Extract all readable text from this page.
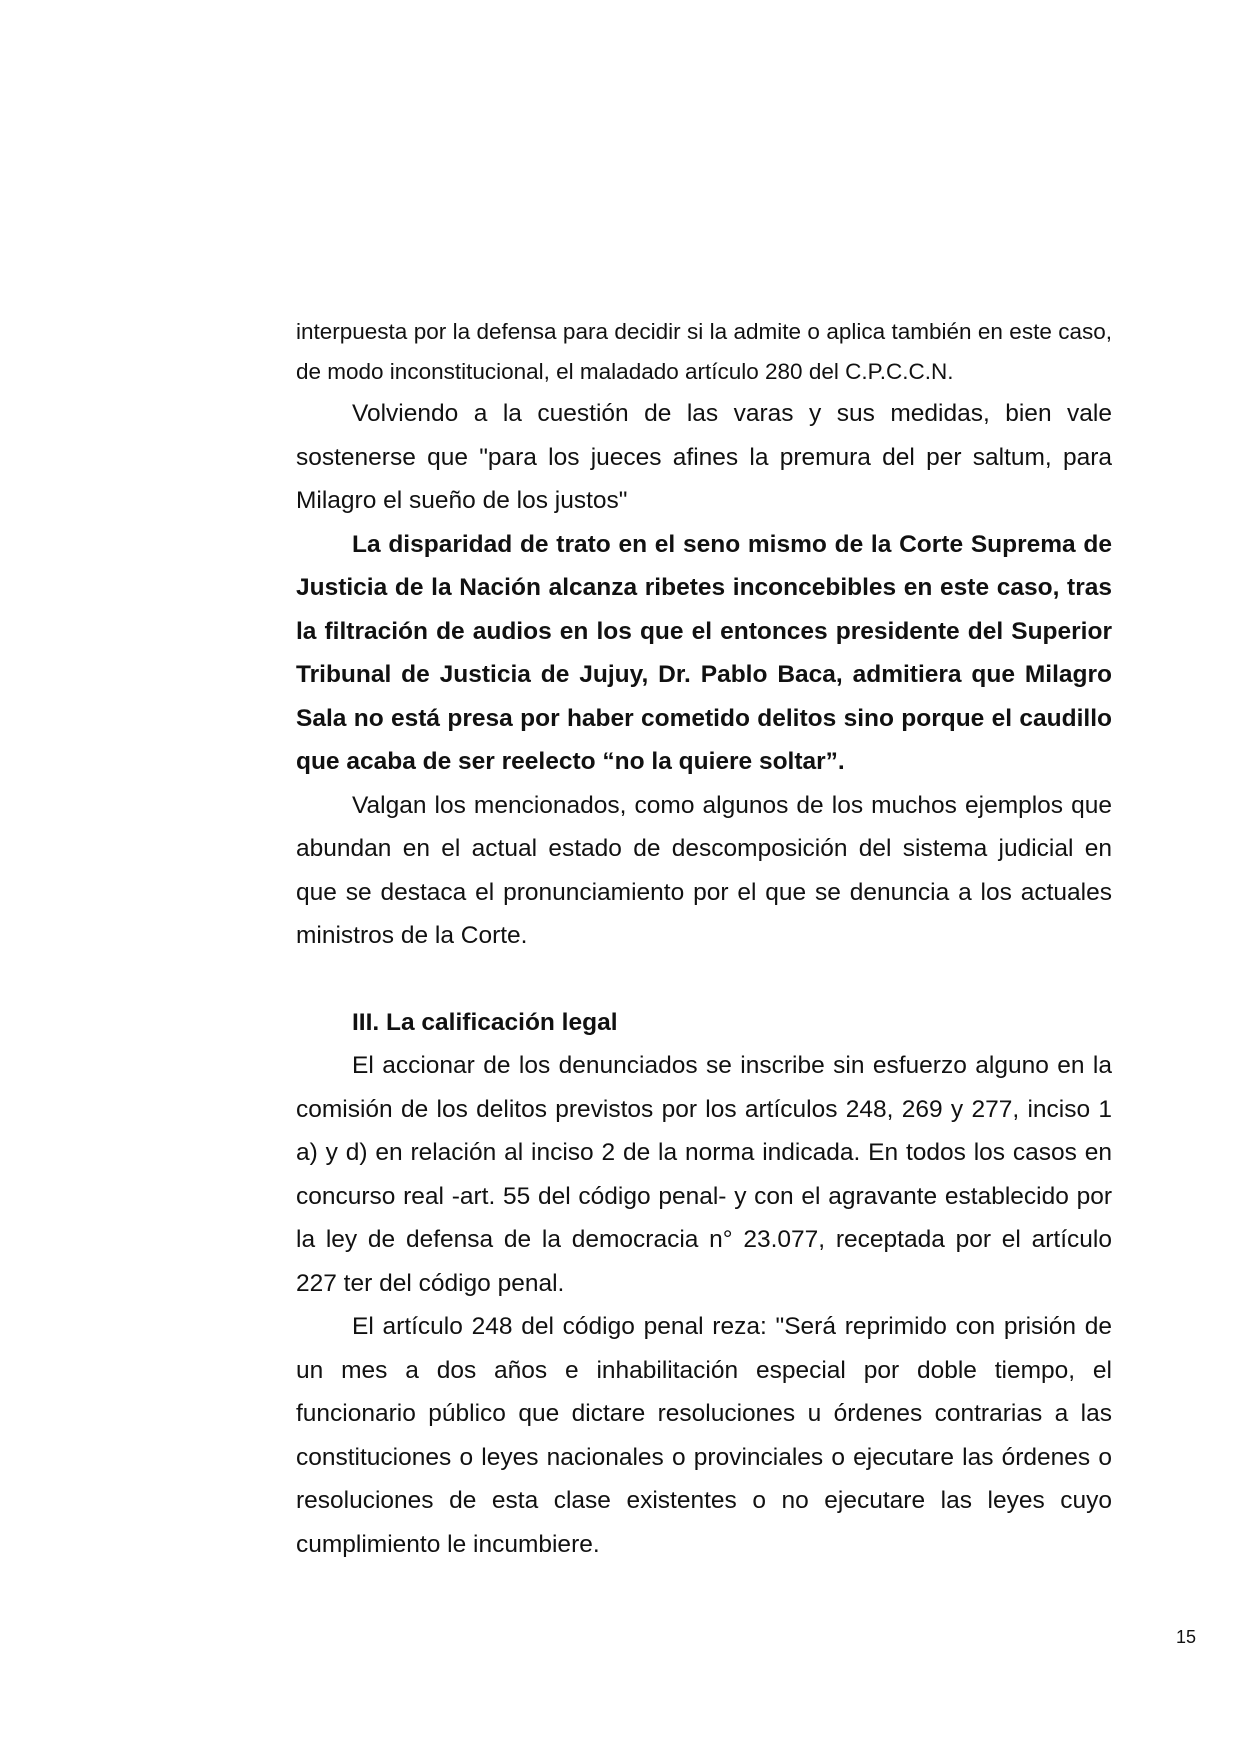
interpuesta por la defensa para decidir si la admite o aplica también en este caso, de modo inconstitucional, el maladado artículo 280 del C.P.C.C.N.

Volviendo a la cuestión de las varas y sus medidas, bien vale sostenerse que "para los jueces afines la premura del per saltum, para Milagro el sueño de los justos"

La disparidad de trato en el seno mismo de la Corte Suprema de Justicia de la Nación alcanza ribetes inconcebibles en este caso, tras la filtración de audios en los que el entonces presidente del Superior Tribunal de Justicia de Jujuy, Dr. Pablo Baca, admitiera que Milagro Sala no está presa por haber cometido delitos sino porque el caudillo que acaba de ser reelecto “no la quiere soltar”.

Valgan los mencionados, como algunos de los muchos ejemplos que abundan en el actual estado de descomposición del sistema judicial en que se destaca el pronunciamiento por el que se denuncia a los actuales ministros de la Corte.

III. La calificación legal

El accionar de los denunciados se inscribe sin esfuerzo alguno en la comisión de los delitos previstos por los artículos 248, 269 y 277, inciso 1 a) y d) en relación al inciso 2 de la norma indicada. En todos los casos en concurso real -art. 55 del código penal- y con el agravante establecido por la ley de defensa de la democracia n° 23.077, receptada por el artículo 227 ter del código penal.

El artículo 248 del código penal reza: "Será reprimido con prisión de un mes a dos años e inhabilitación especial por doble tiempo, el funcionario público que dictare resoluciones u órdenes contrarias a las constituciones o leyes nacionales o provinciales o ejecutare las órdenes o resoluciones de esta clase existentes o no ejecutare las leyes cuyo cumplimiento le incumbiere.

15
